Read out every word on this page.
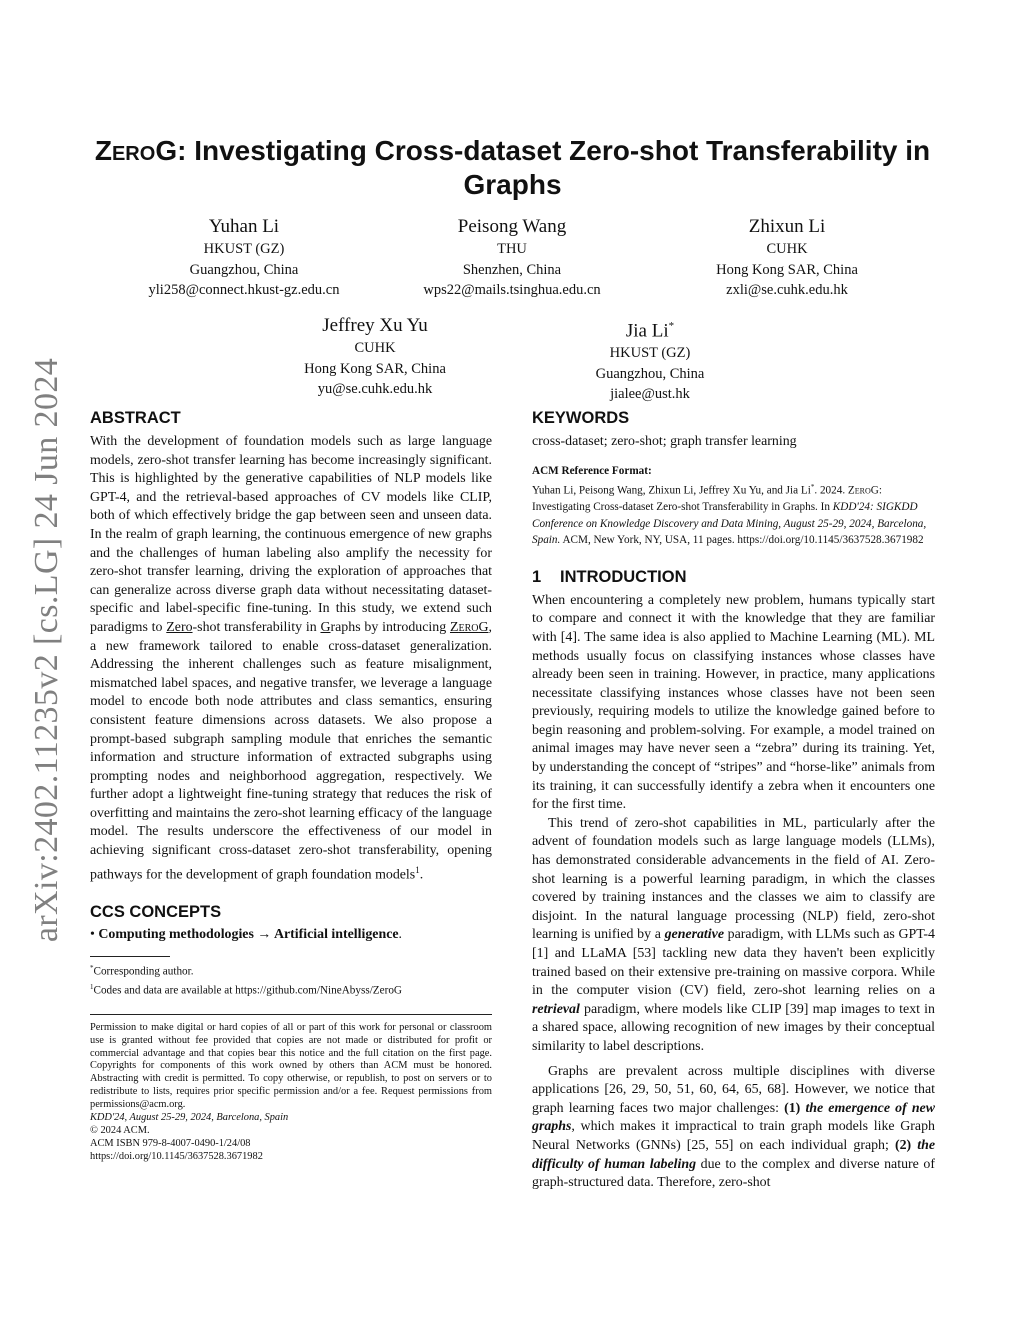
arXiv:2402.11235v2 [cs.LG] 24 Jun 2024
ZeroG: Investigating Cross-dataset Zero-shot Transferability in
Graphs
Yuhan Li
HKUST (GZ)
Guangzhou, China
yli258@connect.hkust-gz.edu.cn
Peisong Wang
THU
Shenzhen, China
wps22@mails.tsinghua.edu.cn
Zhixun Li
CUHK
Hong Kong SAR, China
zxli@se.cuhk.edu.hk
Jeffrey Xu Yu
CUHK
Hong Kong SAR, China
yu@se.cuhk.edu.hk
Jia Li*
HKUST (GZ)
Guangzhou, China
jialee@ust.hk
ABSTRACT

With the development of foundation models such as large language models, zero-shot transfer learning has become increasingly significant. This is highlighted by the generative capabilities of NLP models like GPT-4, and the retrieval-based approaches of CV models like CLIP, both of which effectively bridge the gap between seen and unseen data. In the realm of graph learning, the continuous emergence of new graphs and the challenges of human labeling also amplify the necessity for zero-shot transfer learning, driving the exploration of approaches that can generalize across diverse graph data without necessitating dataset-specific and label-specific fine-tuning. In this study, we extend such paradigms to Zero-shot transferability in Graphs by introducing ZeroG, a new framework tailored to enable cross-dataset generalization. Addressing the inherent challenges such as feature misalignment, mismatched label spaces, and negative transfer, we leverage a language model to encode both node attributes and class semantics, ensuring consistent feature dimensions across datasets. We also propose a prompt-based subgraph sampling module that enriches the semantic information and structure information of extracted subgraphs using prompting nodes and neighborhood aggregation, respectively. We further adopt a lightweight fine-tuning strategy that reduces the risk of overfitting and maintains the zero-shot learning efficacy of the language model. The results underscore the effectiveness of our model in achieving significant cross-dataset zero-shot transferability, opening pathways for the development of graph foundation models$^1$.

CCS CONCEPTS

• Computing methodologies → Artificial intelligence.

*Corresponding author.
$^1$Codes and data are available at https://github.com/NineAbyss/ZeroG
Permission to make digital or hard copies of all or part of this work for personal or classroom use is granted without fee provided that copies are not made or distributed for profit or commercial advantage and that copies bear this notice and the full citation on the first page. Copyrights for components of this work owned by others than ACM must be honored. Abstracting with credit is permitted. To copy otherwise, or republish, to post on servers or to redistribute to lists, requires prior specific permission and/or a fee. Request permissions from permissions@acm.org.
KDD'24, August 25-29, 2024, Barcelona, Spain
© 2024 ACM.
ACM ISBN 979-8-4007-0490-1/24/08
https://doi.org/10.1145/3637528.3671982
KEYWORDS

cross-dataset; zero-shot; graph transfer learning

ACM Reference Format:
Yuhan Li, Peisong Wang, Zhixun Li, Jeffrey Xu Yu, and Jia Li*. 2024. ZeroG: Investigating Cross-dataset Zero-shot Transferability in Graphs. In KDD'24: SIGKDD Conference on Knowledge Discovery and Data Mining, August 25-29, 2024, Barcelona, Spain. ACM, New York, NY, USA, 11 pages. https://doi.org/10.1145/3637528.3671982
1 INTRODUCTION

When encountering a completely new problem, humans typically start to compare and connect it with the knowledge that they are familiar with [4]. The same idea is also applied to Machine Learning (ML). ML methods usually focus on classifying instances whose classes have already been seen in training. However, in practice, many applications necessitate classifying instances whose classes have not been seen previously, requiring models to utilize the knowledge gained before to begin reasoning and problem-solving. For example, a model trained on animal images may have never seen a “zebra” during its training. Yet, by understanding the concept of “stripes” and “horse-like” animals from its training, it can successfully identify a zebra when it encounters one for the first time.

This trend of zero-shot capabilities in ML, particularly after the advent of foundation models such as large language models (LLMs), has demonstrated considerable advancements in the field of AI. Zero-shot learning is a powerful learning paradigm, in which the classes covered by training instances and the classes we aim to classify are disjoint. In the natural language processing (NLP) field, zero-shot learning is unified by a generative paradigm, with LLMs such as GPT-4 [1] and LLaMA [53] tackling new data they haven't been explicitly trained based on their extensive pre-training on massive corpora. While in the computer vision (CV) field, zero-shot learning relies on a retrieval paradigm, where models like CLIP [39] map images to text in a shared space, allowing recognition of new images by their conceptual similarity to label descriptions.

Graphs are prevalent across multiple disciplines with diverse applications [26, 29, 50, 51, 60, 64, 65, 68]. However, we notice that graph learning faces two major challenges: (1) the emergence of new graphs, which makes it impractical to train graph models like Graph Neural Networks (GNNs) [25, 55] on each individual graph; (2) the difficulty of human labeling due to the complex and diverse nature of graph-structured data. Therefore, zero-shot
